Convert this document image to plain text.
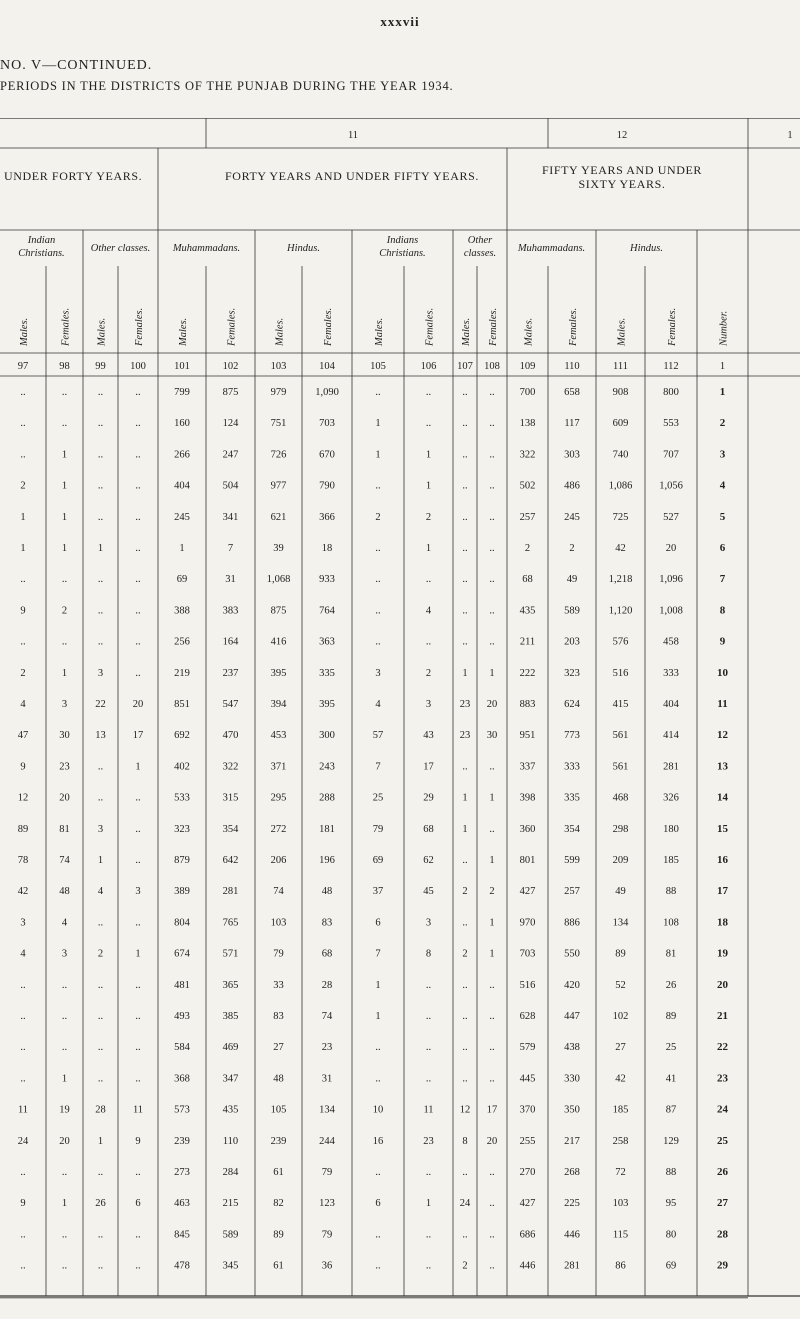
xxxvii
NO. V—CONTINUED.
PERIODS IN THE DISTRICTS OF THE PUNJAB DURING THE YEAR 1934.
11	12	1
UNDER FORTY YEARS.	FORTY YEARS AND UNDER FIFTY YEARS.	FIFTY YEARS AND UNDER
SIXTY YEARS.
Indian
Christians. Other classes. Muhammadans.	Hindus.
Indians
Christians.
Other
classes. Muhammadans.	Hindus.
Males.	Females. Males.	Females.	Males.	Females.	Males.	Females.	Males.	Females. Males. Females. Males.	Females.	Males.	Females.	Number.
97	98 99 100	101	102	103	104	105	106 107 108 109	110	111	112	1
..	..	..	..	799	875	979	1,090	..	..	.. .. 700	658	908	800	1
..	..	..	..	160	124	751	703	1	..	.. .. 138	117	609	553	2
..	1	..	..	266	247	726	670	1	1	.. .. 322	303	740	707	3
2	1	..	..	404	504	977	790	..	1	.. .. 502	486	1,086	1,056	4
1	1	..	..	245	341	621	366	2	2	.. .. 257	245	725	527	5
1	1	1	..	1	7	39	18	..	1	.. ..	2	2	42	20	6
..	..	..	..	69	31	1,068	933	..	..	.. ..	68	49	1,218	1,096	7
9	2	..	..	388	383	875	764	..	4	.. .. 435	589	1,120	1,008	8
..	..	..	..	256	164	416	363	..	..	.. .. 211	203	576	458	9
2	1	3	..	219	237	395	335	3	2	1 1 222	323	516	333	10
4	3	22	20	851	547	394	395	4	3	23 20 883	624	415	404	11
47	30 13	17	692	470	453	300	57	43 23 30 951	773	561	414	12
9	23	..	1	402	322	371	243	7	17	.. .. 337	333	561	281	13
12	20	..	..	533	315	295	288	25	29	1 1 398	335	468	326	14
89	81	3	..	323	354	272	181	79	68	1 .. 360	354	298	180	15
78	74	1	..	879	642	206	196	69	62	.. 1 801	599	209	185	16
42	48	4	3	389	281	74	48	37	45	2 2 427	257	49	88	17
3	4	..	..	804	765	103	83	6	3	.. 1 970	886	134	108	18
4	3	2	1	674	571	79	68	7	8	2 1 703	550	89	81	19
..	..	..	..	481	365	33	28	1	..	.. .. 516	420	52	26	20
..	..	..	..	493	385	83	74	1	..	.. .. 628	447	102	89	21
..	..	..	..	584	469	27	23	..	..	.. .. 579	438	27	25	22
..	1	..	..	368	347	48	31	..	..	.. .. 445	330	42	41	23
11	19 28	11	573	435	105	134	10	11 12 17 370	350	185	87	24
24	20	1	9	239	110	239	244	16	23	8 20 255	217	258	129	25
..	..	..	..	273	284	61	79	..	..	.. .. 270	268	72	88	26
9	1	26	6	463	215	82	123	6	1	24 .. 427	225	103	95	27
..	..	..	..	845	589	89	79	..	..	.. .. 686	446	115	80	28
..	..	..	..	478	345	61	36	..	..	2 .. 446	281	86	69	29
